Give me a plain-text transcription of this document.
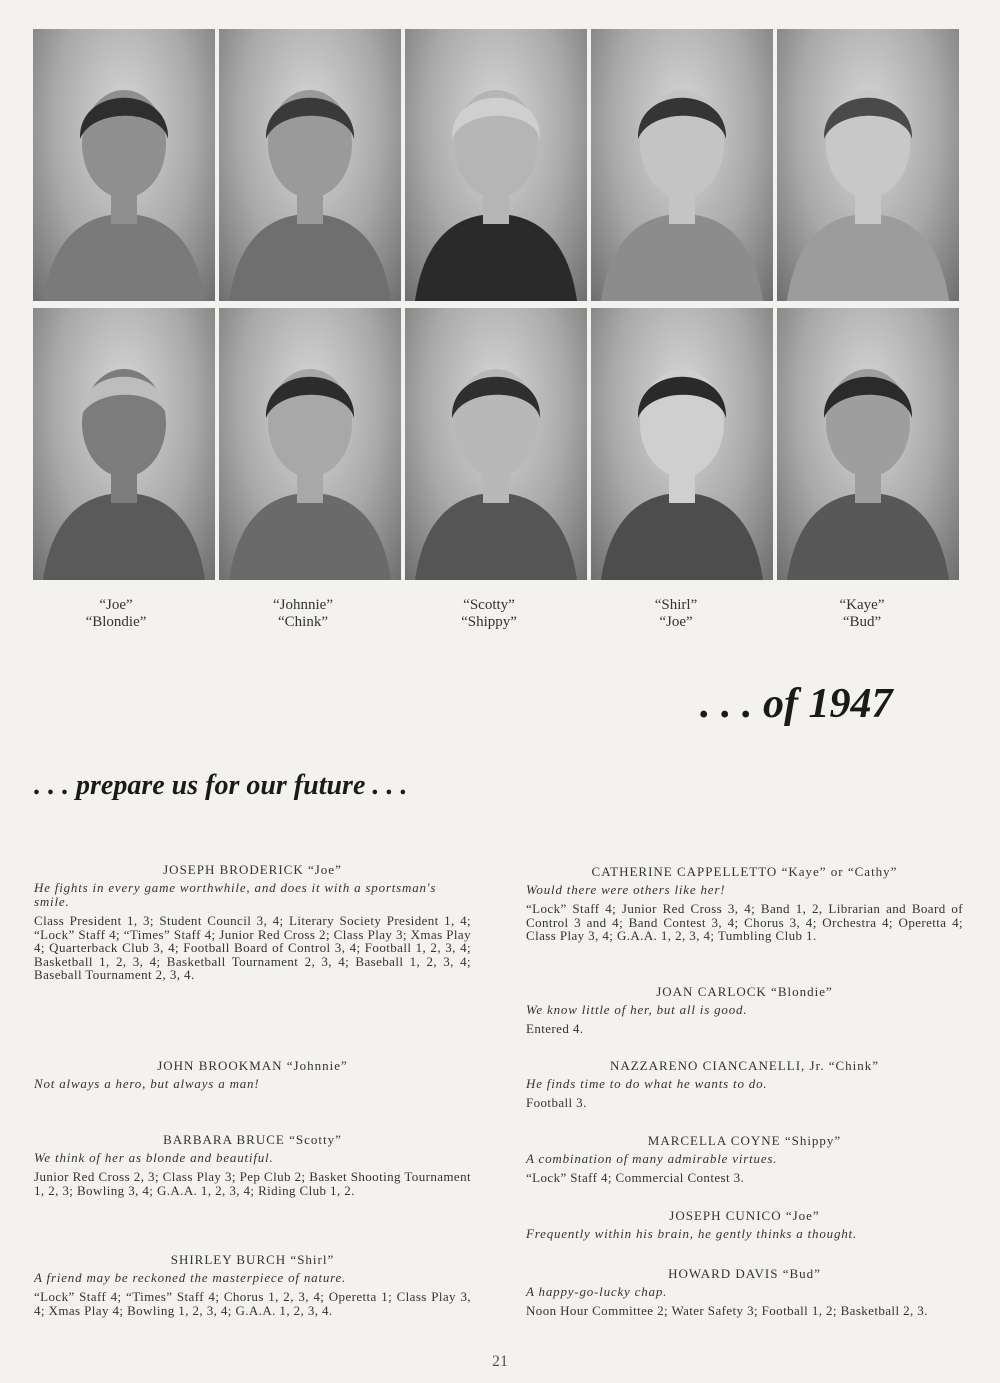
“Joe”
“Blondie”
“Johnnie”
“Chink”
“Scotty”
“Shippy”
“Shirl”
“Joe”
“Kaye”
“Bud”
. . . of 1947
. . . prepare us for our future . . .
JOSEPH BRODERICK “Joe”
He fights in every game worthwhile, and does it with a sportsman's smile.
Class President 1, 3; Student Council 3, 4; Literary Society President 1, 4; “Lock” Staff 4; “Times” Staff 4; Junior Red Cross 2; Class Play 3; Xmas Play 4; Quarterback Club 3, 4; Football Board of Control 3, 4; Football 1, 2, 3, 4; Basketball 1, 2, 3, 4; Basketball Tournament 2, 3, 4; Baseball 1, 2, 3, 4; Baseball Tournament 2, 3, 4.
JOHN BROOKMAN “Johnnie”
Not always a hero, but always a man!
BARBARA BRUCE “Scotty”
We think of her as blonde and beautiful.
Junior Red Cross 2, 3; Class Play 3; Pep Club 2; Basket Shooting Tournament 1, 2, 3; Bowling 3, 4; G.A.A. 1, 2, 3, 4; Riding Club 1, 2.
SHIRLEY BURCH “Shirl”
A friend may be reckoned the masterpiece of nature.
“Lock” Staff 4; “Times” Staff 4; Chorus 1, 2, 3, 4; Operetta 1; Class Play 3, 4; Xmas Play 4; Bowling 1, 2, 3, 4; G.A.A. 1, 2, 3, 4.
CATHERINE CAPPELLETTO “Kaye” or “Cathy”
Would there were others like her!
“Lock” Staff 4; Junior Red Cross 3, 4; Band 1, 2, Librarian and Board of Control 3 and 4; Band Contest 3, 4; Chorus 3, 4; Orchestra 4; Operetta 4; Class Play 3, 4; G.A.A. 1, 2, 3, 4; Tumbling Club 1.
JOAN CARLOCK “Blondie”
We know little of her, but all is good.
Entered 4.
NAZZARENO CIANCANELLI, Jr. “Chink”
He finds time to do what he wants to do.
Football 3.
MARCELLA COYNE “Shippy”
A combination of many admirable virtues.
“Lock” Staff 4; Commercial Contest 3.
JOSEPH CUNICO “Joe”
Frequently within his brain, he gently thinks a thought.
HOWARD DAVIS “Bud”
A happy-go-lucky chap.
Noon Hour Committee 2; Water Safety 3; Football 1, 2; Basketball 2, 3.
21
